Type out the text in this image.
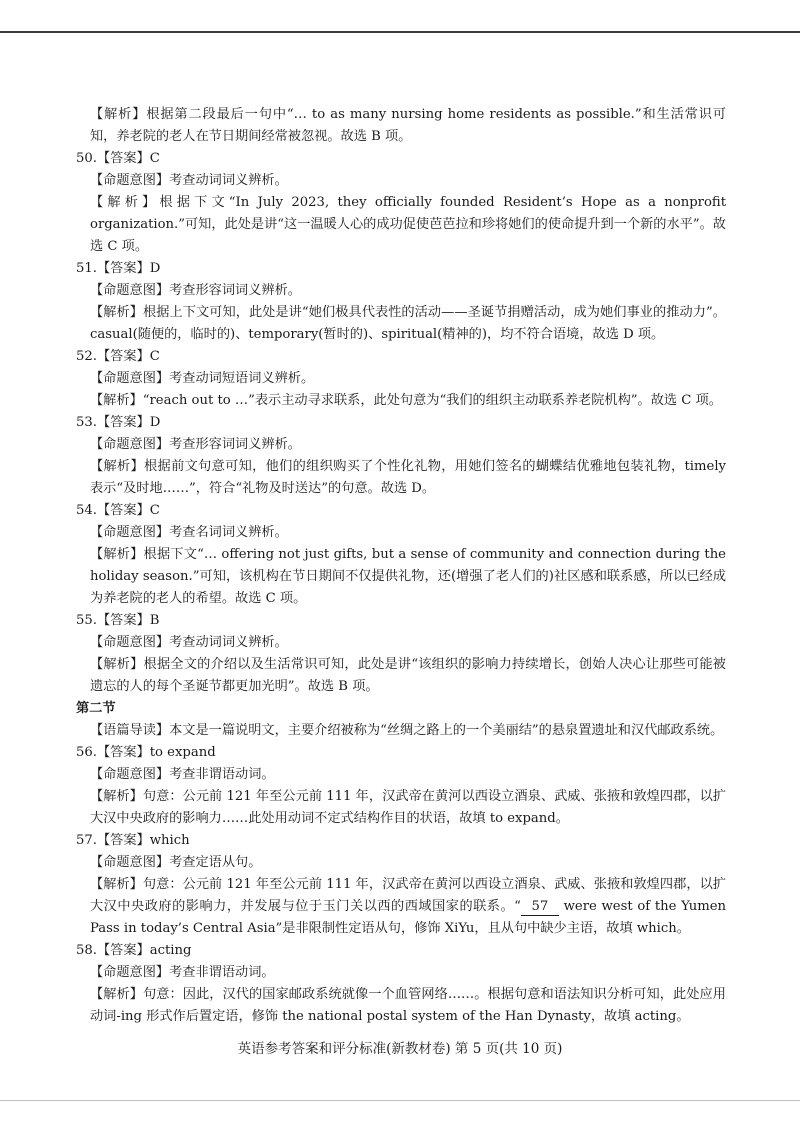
【解析】根据第二段最后一句中“… to as many nursing home residents as possible.”和生活常识可知，养老院的老人在节日期间经常被忽视。故选 B 项。

50.【答案】C

【命题意图】考查动词词义辨析。

【解析】根据下文“In July 2023, they officially founded Resident’s Hope as a nonprofit organization.”可知，此处是讲“这一温暖人心的成功促使芭芭拉和珍将她们的使命提升到一个新的水平”。故选 C 项。

51.【答案】D

【命题意图】考查形容词词义辨析。

【解析】根据上下文可知，此处是讲“她们极具代表性的活动——圣诞节捐赠活动，成为她们事业的推动力”。casual(随便的，临时的)、temporary(暂时的)、spiritual(精神的)，均不符合语境，故选 D 项。

52.【答案】C

【命题意图】考查动词短语词义辨析。

【解析】“reach out to …”表示主动寻求联系，此处句意为“我们的组织主动联系养老院机构”。故选 C 项。

53.【答案】D

【命题意图】考查形容词词义辨析。

【解析】根据前文句意可知，他们的组织购买了个性化礼物，用她们签名的蝴蝶结优雅地包装礼物，timely 表示“及时地……”，符合“礼物及时送达”的句意。故选 D。

54.【答案】C

【命题意图】考查名词词义辨析。

【解析】根据下文“… offering not just gifts, but a sense of community and connection during the holiday season.”可知，该机构在节日期间不仅提供礼物，还(增强了老人们的)社区感和联系感，所以已经成为养老院的老人的希望。故选 C 项。

55.【答案】B

【命题意图】考查动词词义辨析。

【解析】根据全文的介绍以及生活常识可知，此处是讲“该组织的影响力持续增长，创始人决心让那些可能被遗忘的人的每个圣诞节都更加光明”。故选 B 项。

第二节

【语篇导读】本文是一篇说明文，主要介绍被称为“丝绸之路上的一个美丽结”的悬泉置遗址和汉代邮政系统。

56.【答案】to expand

【命题意图】考查非谓语动词。

【解析】句意：公元前 121 年至公元前 111 年，汉武帝在黄河以西设立酒泉、武威、张掖和敦煌四郡，以扩大汉中央政府的影响力……此处用动词不定式结构作目的状语，故填 to expand。

57.【答案】which

【命题意图】考查定语从句。

【解析】句意：公元前 121 年至公元前 111 年，汉武帝在黄河以西设立酒泉、武威、张掖和敦煌四郡，以扩大汉中央政府的影响力，并发展与位于玉门关以西的西域国家的联系。“ 57 were west of the Yumen Pass in today’s Central Asia”是非限制性定语从句，修饰 XiYu，且从句中缺少主语，故填 which。

58.【答案】acting

【命题意图】考查非谓语动词。

【解析】句意：因此，汉代的国家邮政系统就像一个血管网络……。根据句意和语法知识分析可知，此处应用动词-ing 形式作后置定语，修饰 the national postal system of the Han Dynasty，故填 acting。

英语参考答案和评分标准(新教材卷) 第 5 页(共 10 页)
